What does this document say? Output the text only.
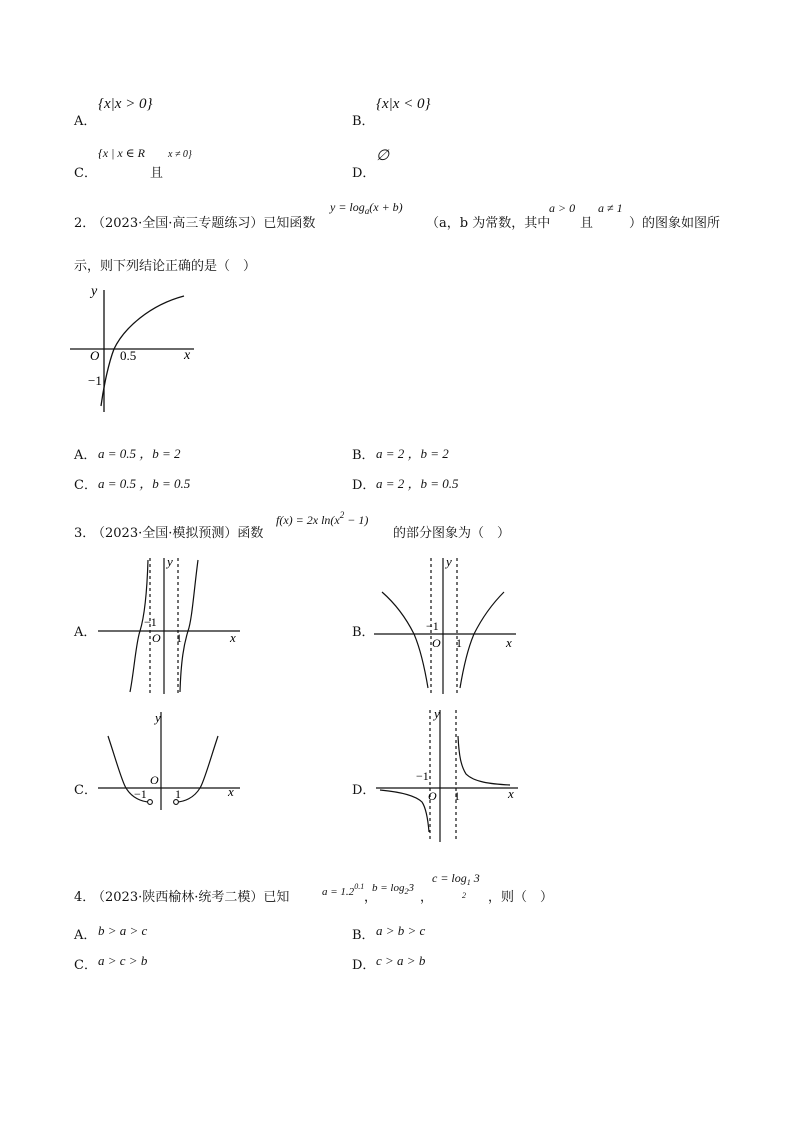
A．
{x|x > 0}
B．
{x|x < 0}
C．
{x | x ∈ R
且
x ≠ 0}
D．
∅
2．
（2023·全国·高三专题练习）已知函数
$y = \log_a(x + b)$
（a，b 为常数，其中
a > 0
且
a ≠ 1
）的图象如图所
示，则下列结论正确的是（　）
y
x
O 0.5
−1
A． a = 0.5 ，b = 2	B． a = 2 ，b = 2
C． a = 0.5 ，b = 0.5	D． a = 2 ，b = 0.5
3．
（2023·全国·模拟预测）函数
f(x) = 2x $\ln(x^2 - 1)$
的部分图象为（　）
A．
y
x
O
−1
1	B．
y
x
O
−1
1
C．
y
x
O
−1 1	D．
y
x
O
−1
1
4．
（2023·陕西榆林·统考二模）已知	$a = 1.2^{0.1}$
，
$b = \log_23$
，
$c = \log_1 3$
2 ，则（　）
A． b > a > c	B． a > b > c
C． a > c > b	D． c > a > b
